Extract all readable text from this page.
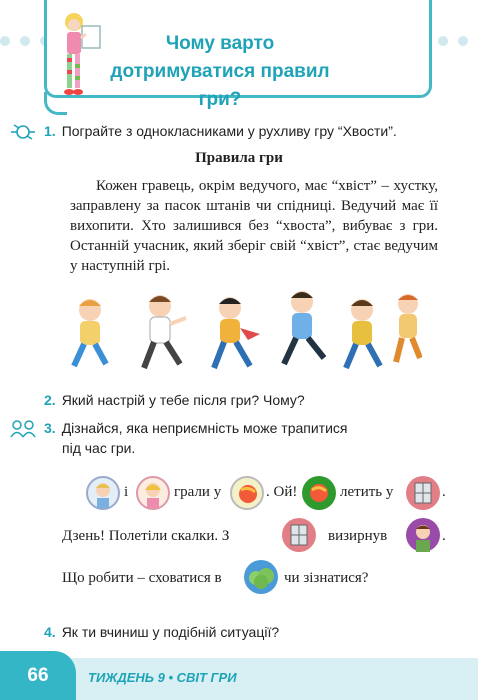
Чому варто
дотримуватися правил гри?
1. Пограйте з однокласниками у рухливу гру “Хвости”.
Правила гри
Кожен гравець, окрім ведучого, має “хвіст” – хустку, заправлену за пасок штанів чи спідниці. Ведучий має її вихопити. Хто залишився без “хвоста”, вибуває з гри. Останній учасник, який зберіг свій “хвіст”, стає ведучим у наступній грі.
2. Який настрій у тебе після гри? Чому?
3. Дізнайся, яка неприємність може трапитися
під час гри.
і	грали у	. Ой!	летить у	.
Дзень! Полетіли скалки. З	визирнув	.
Що робити – сховатися в	чи зізнатися?
4. Як ти вчиниш у подібній ситуації?
66	ТИЖДЕНЬ 9 • СВІТ ГРИ
